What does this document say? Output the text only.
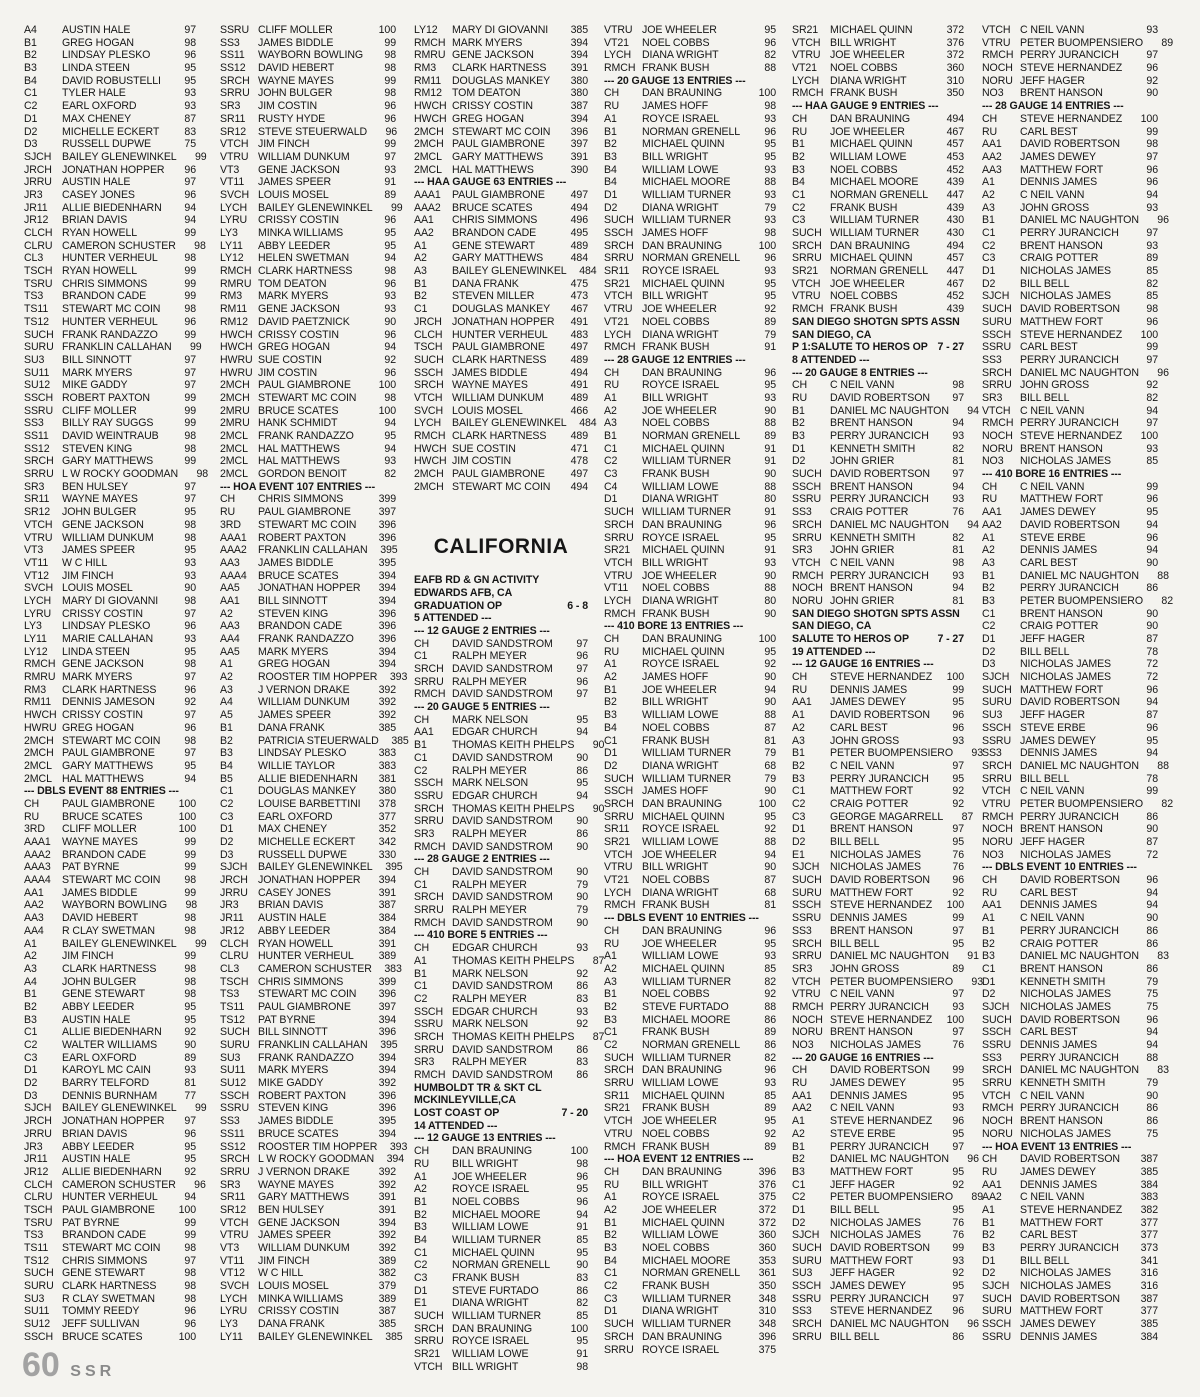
A4	AUSTIN HALE	97
B1	GREG HOGAN	98
B2	LINDSAY PLESKO	96
B3	LINDA STEEN	95
B4	DAVID ROBUSTELLI	95
C1	TYLER HALE	93
C2	EARL OXFORD	93
D1	MAX CHENEY	87
D2	MICHELLE ECKERT	83
D3	RUSSELL DUPWE	75
SJCH	BAILEY GLENEWINKEL	99
JRCH JONATHAN HOPPER	96
JRRU AUSTIN HALE	97
JR3	CASEY JONES	96
JR11	ALLIE BIEDENHARN	94
JR12	BRIAN DAVIS	94
CLCH RYAN HOWELL	99
CLRU CAMERON SCHUSTER	98
CL3	HUNTER VERHEUL	98
TSCH RYAN HOWELL	99
TSRU CHRIS SIMMONS	99
TS3	BRANDON CADE	99
TS11	STEWART MC COIN	98
TS12	HUNTER VERHEUL	96
SUCH FRANK RANDAZZO	99
SURU FRANKLIN CALLAHAN	99
SU3	BILL SINNOTT	97
SU11	MARK MYERS	97
SU12	MIKE GADDY	97
SSCH ROBERT PAXTON	99
SSRU CLIFF MOLLER	99
SS3	BILLY RAY SUGGS	99
SS11	DAVID WEINTRAUB	98
SS12	STEVEN KING	98
SRCH GARY MATTHEWS	99
SRRU L W ROCKY GOODMAN	98
SR3	BEN HULSEY	97
SR11	WAYNE MAYES	97
SR12	JOHN BULGER	95
VTCH GENE JACKSON	98
VTRU WILLIAM DUNKUM	98
VT3	JAMES SPEER	95
VT11	W C HILL	93
VT12	JIM FINCH	93
SVCH LOUIS MOSEL	90
LYCH	MARY DI GIOVANNI	98
LYRU	CRISSY COSTIN	97
LY3	LINDSAY PLESKO	96
LY11	MARIE CALLAHAN	93
LY12	LINDA STEEN	95
RMCH GENE JACKSON	98
RMRU MARK MYERS	97
RM3	CLARK HARTNESS	96
RM11	DENNIS JAMESON	92
HWCH CRISSY COSTIN	97
HWRU GREG HOGAN	96
2MCH STEWART MC COIN	98
2MCH PAUL GIAMBRONE	97
2MCL GARY MATTHEWS	95
2MCL HAL MATTHEWS	94
--- DBLS EVENT 88 ENTRIES ---
CH	PAUL GIAMBRONE	100
RU	BRUCE SCATES	100
3RD	CLIFF MOLLER	100
AAA1	WAYNE MAYES	99
AAA2	BRANDON CADE	99
AAA3	PAT BYRNE	99
AAA4	STEWART MC COIN	98
AA1	JAMES BIDDLE	99
AA2	WAYBORN BOWLING	98
AA3	DAVID HEBERT	98
AA4	R CLAY SWETMAN	98
A1	BAILEY GLENEWINKEL	99
A2	JIM FINCH	99
A3	CLARK HARTNESS	98
A4	JOHN BULGER	98
B1	GENE STEWART	98
B2	ABBY LEEDER	95
B3	AUSTIN HALE	95
C1	ALLIE BIEDENHARN	92
C2	WALTER WILLIAMS	90
C3	EARL OXFORD	89
D1	KAROYL MC CAIN	93
D2	BARRY TELFORD	81
D3	DENNIS BURNHAM	77
SJCH	BAILEY GLENEWINKEL	99
JRCH JONATHAN HOPPER	97
JRRU BRIAN DAVIS	96
JR3	ABBY LEEDER	95
JR11	AUSTIN HALE	95
JR12	ALLIE BIEDENHARN	92
CLCH CAMERON SCHUSTER	96
CLRU HUNTER VERHEUL	94
TSCH PAUL GIAMBRONE	100
TSRU PAT BYRNE	99
TS3	BRANDON CADE	99
TS11	STEWART MC COIN	98
TS12	CHRIS SIMMONS	97
SUCH GENE STEWART	98
SURU CLARK HARTNESS	98
SU3	R CLAY SWETMAN	98
SU11	TOMMY REEDY	96
SU12	JEFF SULLIVAN	96
SSCH BRUCE SCATES	100
SSRU CLIFF MOLLER	100
SS3	JAMES BIDDLE	99
SS11	WAYBORN BOWLING	98
SS12	DAVID HEBERT	98
SRCH WAYNE MAYES	99
SRRU JOHN BULGER	98
SR3	JIM COSTIN	96
SR11	RUSTY HYDE	96
SR12	STEVE STEUERWALD	96
VTCH JIM FINCH	99
VTRU WILLIAM DUNKUM	97
VT3	GENE JACKSON	93
VT11	JAMES SPEER	91
SVCH LOUIS MOSEL	89
LYCH	BAILEY GLENEWINKEL	99
LYRU	CRISSY COSTIN	96
LY3	MINKA WILLIAMS	95
LY11	ABBY LEEDER	95
LY12	HELEN SWETMAN	94
RMCH CLARK HARTNESS	98
RMRU TOM DEATON	96
RM3	MARK MYERS	93
RM11	GENE JACKSON	93
RM12 DAVID PAETZNICK	90
HWCH CRISSY COSTIN	96
HWCH GREG HOGAN	94
HWRU SUE COSTIN	92
HWRU JIM COSTIN	96
2MCH PAUL GIAMBRONE	100
2MCH STEWART MC COIN	98
2MRU BRUCE SCATES	100
2MRU HANK SCHMIDT	94
2MCL FRANK RANDAZZO	95
2MCL HAL MATTHEWS	94
2MCL HAL MATTHEWS	93
2MCL GORDON BENOIT	82
--- HOA EVENT 107 ENTRIES ---
CH	CHRIS SIMMONS	399
RU	PAUL GIAMBRONE	397
3RD	STEWART MC COIN	396
AAA1	ROBERT PAXTON	396
AAA2	FRANKLIN CALLAHAN	395
AA3	JAMES BIDDLE	395
AAA4	BRUCE SCATES	394
AA5	JONATHAN HOPPER	394
AA1	BILL SINNOTT	394
A2	STEVEN KING	396
AA3	BRANDON CADE	396
AA4	FRANK RANDAZZO	396
AA5	MARK MYERS	394
A1	GREG HOGAN	394
A2	ROOSTER TIM HOPPER	393
A3	J VERNON DRAKE	392
A4	WILLIAM DUNKUM	392
A5	JAMES SPEER	392
B1	DANA FRANK	385
B2	PATRICIA STEUERWALD	385
B3	LINDSAY PLESKO	383
B4	WILLIE TAYLOR	383
B5	ALLIE BIEDENHARN	381
C1	DOUGLAS MANKEY	380
C2	LOUISE BARBETTINI	378
C3	EARL OXFORD	377
D1	MAX CHENEY	352
D2	MICHELLE ECKERT	342
D3	RUSSELL DUPWE	330
SJCH	BAILEY GLENEWINKEL	395
JRCH JONATHAN HOPPER	394
JRRU CASEY JONES	391
JR3	BRIAN DAVIS	387
JR11	AUSTIN HALE	384
JR12	ABBY LEEDER	384
CLCH RYAN HOWELL	391
CLRU HUNTER VERHEUL	389
CL3	CAMERON SCHUSTER	383
TSCH CHRIS SIMMONS	399
TS3	STEWART MC COIN	396
TS11	PAUL GIAMBRONE	397
TS12	PAT BYRNE	394
SUCH BILL SINNOTT	396
SURU FRANKLIN CALLAHAN	395
SU3	FRANK RANDAZZO	394
SU11	MARK MYERS	394
SU12	MIKE GADDY	392
SSCH ROBERT PAXTON	396
SSRU STEVEN KING	396
SS3	JAMES BIDDLE	395
SS11	BRUCE SCATES	394
SS12	ROOSTER TIM HOPPER	393
SRCH L W ROCKY GOODMAN	394
SRRU J VERNON DRAKE	392
SR3	WAYNE MAYES	392
SR11	GARY MATTHEWS	391
SR12	BEN HULSEY	391
VTCH GENE JACKSON	394
VTRU JAMES SPEER	392
VT3	WILLIAM DUNKUM	392
VT11	JIM FINCH	389
VT12	W C HILL	382
SVCH LOUIS MOSEL	379
LYCH	MINKA WILLIAMS	389
LYRU	CRISSY COSTIN	387
LY3	DANA FRANK	385
LY11	BAILEY GLENEWINKEL	385
LY12	MARY DI GIOVANNI	385
RMCH MARK MYERS	394
RMRU GENE JACKSON	394
RM3	CLARK HARTNESS	391
RM11	DOUGLAS MANKEY	380
RM12 TOM DEATON	380
HWCH CRISSY COSTIN	387
HWCH GREG HOGAN	394
2MCH STEWART MC COIN	396
2MCH PAUL GIAMBRONE	397
2MCL GARY MATTHEWS	391
2MCL HAL MATTHEWS	390
--- HAA GAUGE 63 ENTRIES ---
AAA1	PAUL GIAMBRONE	497
AAA2	BRUCE SCATES	494
AA1	CHRIS SIMMONS	496
AA2	BRANDON CADE	495
A1	GENE STEWART	489
A2	GARY MATTHEWS	484
A3	BAILEY GLENEWINKEL	484
B1	DANA FRANK	475
B2	STEVEN MILLER	473
C1	DOUGLAS MANKEY	467
JRCH JONATHAN HOPPER	491
CLCH HUNTER VERHEUL	483
TSCH PAUL GIAMBRONE	497
SUCH CLARK HARTNESS	489
SSCH JAMES BIDDLE	494
SRCH WAYNE MAYES	491
VTCH WILLIAM DUNKUM	489
SVCH LOUIS MOSEL	466
LYCH	BAILEY GLENEWINKEL	484
RMCH CLARK HARTNESS	489
HWCH SUE COSTIN	471
HWCH JIM COSTIN	478
2MCH PAUL GIAMBRONE	497
2MCH STEWART MC COIN	494
CALIFORNIA
EAFB RD & GN ACTIVITY
EDWARDS AFB, CA
GRADUATION OP	6 - 8
5 ATTENDED ---
--- 12 GAUGE 2 ENTRIES ---
CH	DAVID SANDSTROM	97
C1	RALPH MEYER	96
SRCH DAVID SANDSTROM	97
SRRU RALPH MEYER	96
RMCH DAVID SANDSTROM	97
--- 20 GAUGE 5 ENTRIES ---
CH	MARK NELSON	95
AA1	EDGAR CHURCH	94
B1	THOMAS KEITH PHELPS	90
C1	DAVID SANDSTROM	90
C2	RALPH MEYER	86
SSCH MARK NELSON	95
SSRU EDGAR CHURCH	94
SRCH THOMAS KEITH PHELPS	90
SRRU DAVID SANDSTROM	90
SR3	RALPH MEYER	86
RMCH DAVID SANDSTROM	90
--- 28 GAUGE 2 ENTRIES ---
CH	DAVID SANDSTROM	90
C1	RALPH MEYER	79
SRCH DAVID SANDSTROM	90
SRRU RALPH MEYER	79
RMCH DAVID SANDSTROM	90
--- 410 BORE 5 ENTRIES ---
CH	EDGAR CHURCH	93
A1	THOMAS KEITH PHELPS	87
B1	MARK NELSON	92
C1	DAVID SANDSTROM	86
C2	RALPH MEYER	83
SSCH EDGAR CHURCH	93
SSRU MARK NELSON	92
SRCH THOMAS KEITH PHELPS	87
SRRU DAVID SANDSTROM	86
SR3	RALPH MEYER	83
RMCH DAVID SANDSTROM	86
HUMBOLDT TR & SKT CL
MCKINLEYVILLE,CA
LOST COAST OP	7 - 20
14 ATTENDED ---
--- 12 GAUGE 13 ENTRIES ---
CH	DAN BRAUNING	100
RU	BILL WRIGHT	98
A1	JOE WHEELER	96
A2	ROYCE ISRAEL	95
B1	NOEL COBBS	96
B2	MICHAEL MOORE	94
B3	WILLIAM LOWE	91
B4	WILLIAM TURNER	85
C1	MICHAEL QUINN	95
C2	NORMAN GRENELL	90
C3	FRANK BUSH	83
D1	STEVE FURTADO	86
E1	DIANA WRIGHT	82
SUCH WILLIAM TURNER	85
SRCH DAN BRAUNING	100
SRRU ROYCE ISRAEL	95
SR21	WILLIAM LOWE	91
VTCH BILL WRIGHT	98
VTRU JOE WHEELER	95
VT21	NOEL COBBS	96
LYCH	DIANA WRIGHT	82
RMCH FRANK BUSH	88
--- 20 GAUGE 13 ENTRIES ---
CH	DAN BRAUNING	100
RU	JAMES HOFF	98
A1	ROYCE ISRAEL	93
B1	NORMAN GRENELL	96
B2	MICHAEL QUINN	95
B3	BILL WRIGHT	95
B4	WILLIAM LOWE	93
B4	MICHAEL MOORE	88
D1	WILLIAM TURNER	93
D2	DIANA WRIGHT	79
SUCH WILLIAM TURNER	93
SSCH JAMES HOFF	98
SRCH DAN BRAUNING	100
SRRU NORMAN GRENELL	96
SR11	ROYCE ISRAEL	93
SR21	MICHAEL QUINN	95
VTCH BILL WRIGHT	95
VTRU JOE WHEELER	92
VT21	NOEL COBBS	89
LYCH	DIANA WRIGHT	79
RMCH FRANK BUSH	91
--- 28 GAUGE 12 ENTRIES ---
CH	DAN BRAUNING	96
RU	ROYCE ISRAEL	95
A1	BILL WRIGHT	93
A2	JOE WHEELER	90
A3	NOEL COBBS	88
B1	NORMAN GRENELL	89
C1	MICHAEL QUINN	91
C2	WILLIAM TURNER	91
C3	FRANK BUSH	90
C4	WILLIAM LOWE	88
D1	DIANA WRIGHT	80
SUCH WILLIAM TURNER	91
SRCH DAN BRAUNING	96
SRRU ROYCE ISRAEL	95
SR21	MICHAEL QUINN	91
VTCH BILL WRIGHT	93
VTRU JOE WHEELER	90
VT11	NOEL COBBS	88
LYCH	DIANA WRIGHT	80
RMCH FRANK BUSH	90
--- 410 BORE 13 ENTRIES ---
CH	DAN BRAUNING	100
RU	MICHAEL QUINN	95
A1	ROYCE ISRAEL	92
A2	JAMES HOFF	90
B1	JOE WHEELER	94
B2	BILL WRIGHT	90
B3	WILLIAM LOWE	88
B4	NOEL COBBS	87
C1	FRANK BUSH	81
D1	WILLIAM TURNER	79
D2	DIANA WRIGHT	68
SUCH WILLIAM TURNER	79
SSCH JAMES HOFF	90
SRCH DAN BRAUNING	100
SRRU MICHAEL QUINN	95
SR11	ROYCE ISRAEL	92
SR21	WILLIAM LOWE	88
VTCH JOE WHEELER	94
VTRU BILL WRIGHT	90
VT21	NOEL COBBS	87
LYCH	DIANA WRIGHT	68
RMCH FRANK BUSH	81
--- DBLS EVENT 10 ENTRIES ---
CH	DAN BRAUNING	96
RU	JOE WHEELER	95
A1	WILLIAM LOWE	93
A2	MICHAEL QUINN	85
A3	WILLIAM TURNER	82
B1	NOEL COBBS	92
B2	STEVE FURTADO	88
B3	MICHAEL MOORE	86
C1	FRANK BUSH	89
C2	NORMAN GRENELL	86
SUCH WILLIAM TURNER	82
SRCH DAN BRAUNING	96
SRRU WILLIAM LOWE	93
SR11	MICHAEL QUINN	85
SR21	FRANK BUSH	89
VTCH JOE WHEELER	95
VTRU NOEL COBBS	92
RMCH FRANK BUSH	89
--- HOA EVENT 12 ENTRIES ---
CH	DAN BRAUNING	396
RU	BILL WRIGHT	376
A1	ROYCE ISRAEL	375
A2	JOE WHEELER	372
B1	MICHAEL QUINN	372
B2	WILLIAM LOWE	360
B3	NOEL COBBS	360
B4	MICHAEL MOORE	353
C1	NORMAN GRENELL	361
C2	FRANK BUSH	350
C3	WILLIAM TURNER	348
D1	DIANA WRIGHT	310
SUCH WILLIAM TURNER	348
SRCH DAN BRAUNING	396
SRRU ROYCE ISRAEL	375
SR21	MICHAEL QUINN	372
VTCH BILL WRIGHT	376
VTRU JOE WHEELER	372
VT21	NOEL COBBS	360
LYCH	DIANA WRIGHT	310
RMCH FRANK BUSH	350
--- HAA GAUGE 9 ENTRIES ---
CH	DAN BRAUNING	494
RU	JOE WHEELER	467
B1	MICHAEL QUINN	457
B2	WILLIAM LOWE	453
B3	NOEL COBBS	452
B4	MICHAEL MOORE	439
C1	NORMAN GRENELL	447
C2	FRANK BUSH	439
C3	WILLIAM TURNER	430
SUCH WILLIAM TURNER	430
SRCH DAN BRAUNING	494
SRRU MICHAEL QUINN	457
SR21	NORMAN GRENELL	447
VTCH JOE WHEELER	467
VTRU NOEL COBBS	452
RMCH FRANK BUSH	439
SAN DIEGO SHOTGN SPTS ASSN
SAN DIEGO, CA
P 1:SALUTE TO HEROS OP 7 - 27
8 ATTENDED ---
--- 20 GAUGE 8 ENTRIES ---
CH	C NEIL VANN	98
RU	DAVID ROBERTSON	97
B1	DANIEL MC NAUGHTON	94
B2	BRENT HANSON	94
B3	PERRY JURANCICH	93
D1	KENNETH SMITH	82
D2	JOHN GRIER	81
SUCH DAVID ROBERTSON	97
SSCH BRENT HANSON	94
SSRU PERRY JURANCICH	93
SS3	CRAIG POTTER	76
SRCH DANIEL MC NAUGHTON	94
SRRU KENNETH SMITH	82
SR3	JOHN GRIER	81
VTCH C NEIL VANN	98
RMCH PERRY JURANCICH	93
NOCH BRENT HANSON	94
NORU JOHN GRIER	81
SAN DIEGO SHOTGN SPTS ASSN
SAN DIEGO, CA
SALUTE TO HEROS OP	7 - 27
19 ATTENDED ---
--- 12 GAUGE 16 ENTRIES ---
CH	STEVE HERNANDEZ	100
RU	DENNIS JAMES	99
AA1	JAMES DEWEY	95
A1	DAVID ROBERTSON	96
A2	CARL BEST	96
A3	JOHN GROSS	93
B1	PETER BUOMPENSIERO	93
B2	C NEIL VANN	97
B3	PERRY JURANCICH	95
C1	MATTHEW FORT	92
C2	CRAIG POTTER	92
C3	GEORGE MAGARRELL	87
D1	BRENT HANSON	97
D2	BILL BELL	95
E1	NICHOLAS JAMES	76
SJCH	NICHOLAS JAMES	76
SUCH DAVID ROBERTSON	96
SURU MATTHEW FORT	92
SSCH STEVE HERNANDEZ	100
SSRU DENNIS JAMES	99
SS3	BRENT HANSON	97
SRCH BILL BELL	95
SRRU DANIEL MC NAUGHTON	91
SR3	JOHN GROSS	89
VTCH PETER BUOMPENSIERO	93
VTRU C NEIL VANN	97
RMCH PERRY JURANCICH	93
NOCH STEVE HERNANDEZ	100
NORU BRENT HANSON	97
NO3	NICHOLAS JAMES	76
--- 20 GAUGE 16 ENTRIES ---
CH	DAVID ROBERTSON	99
RU	JAMES DEWEY	95
AA1	DENNIS JAMES	95
AA2	C NEIL VANN	93
A1	STEVE HERNANDEZ	96
A2	STEVE ERBE	95
B1	PERRY JURANCICH	97
B2	DANIEL MC NAUGHTON	96
B3	MATTHEW FORT	95
C1	JEFF HAGER	92
C2	PETER BUOMPENSIERO	89
D1	BILL BELL	95
D2	NICHOLAS JAMES	76
SJCH	NICHOLAS JAMES	76
SUCH DAVID ROBERTSON	99
SURU MATTHEW FORT	93
SU3	JEFF HAGER	92
SSCH JAMES DEWEY	95
SSRU PERRY JURANCICH	97
SS3	STEVE HERNANDEZ	96
SRCH DANIEL MC NAUGHTON	96
SRRU BILL BELL	86
VTCH C NEIL VANN	93
VTRU PETER BUOMPENSIERO	89
RMCH PERRY JURANCICH	97
NOCH STEVE HERNANDEZ	96
NORU JEFF HAGER	92
NO3	BRENT HANSON	90
--- 28 GAUGE 14 ENTRIES ---
CH	STEVE HERNANDEZ	100
RU	CARL BEST	99
AA1	DAVID ROBERTSON	98
AA2	JAMES DEWEY	97
AA3	MATTHEW FORT	96
A1	DENNIS JAMES	96
A2	C NEIL VANN	94
A3	JOHN GROSS	93
B1	DANIEL MC NAUGHTON	96
C1	PERRY JURANCICH	97
C2	BRENT HANSON	93
C3	CRAIG POTTER	89
D1	NICHOLAS JAMES	85
D2	BILL BELL	82
SJCH	NICHOLAS JAMES	85
SUCH DAVID ROBERTSON	98
SURU MATTHEW FORT	96
SSCH STEVE HERNANDEZ	100
SSRU CARL BEST	99
SS3	PERRY JURANCICH	97
SRCH DANIEL MC NAUGHTON	96
SRRU JOHN GROSS	92
SR3	BILL BELL	82
VTCH C NEIL VANN	94
RMCH PERRY JURANCICH	97
NOCH STEVE HERNANDEZ	100
NORU BRENT HANSON	93
NO3	NICHOLAS JAMES	85
--- 410 BORE 16 ENTRIES ---
CH	C NEIL VANN	99
RU	MATTHEW FORT	96
AA1	JAMES DEWEY	95
AA2	DAVID ROBERTSON	94
A1	STEVE ERBE	96
A2	DENNIS JAMES	94
A3	CARL BEST	90
B1	DANIEL MC NAUGHTON	88
B2	PERRY JURANCICH	86
B3	PETER BUOMPENSIERO	82
C1	BRENT HANSON	90
C2	CRAIG POTTER	90
D1	JEFF HAGER	87
D2	BILL BELL	78
D3	NICHOLAS JAMES	72
SJCH	NICHOLAS JAMES	72
SUCH MATTHEW FORT	96
SURU DAVID ROBERTSON	94
SU3	JEFF HAGER	87
SSCH STEVE ERBE	96
SSRU JAMES DEWEY	95
SS3	DENNIS JAMES	94
SRCH DANIEL MC NAUGHTON	88
SRRU BILL BELL	78
VTCH C NEIL VANN	99
VTRU PETER BUOMPENSIERO	82
RMCH PERRY JURANCICH	86
NOCH BRENT HANSON	90
NORU JEFF HAGER	87
NO3	NICHOLAS JAMES	72
--- DBLS EVENT 10 ENTRIES ---
CH	DAVID ROBERTSON	96
RU	CARL BEST	94
AA1	DENNIS JAMES	94
A1	C NEIL VANN	90
B1	PERRY JURANCICH	86
B2	CRAIG POTTER	86
B3	DANIEL MC NAUGHTON	83
C1	BRENT HANSON	86
D1	KENNETH SMITH	79
D2	NICHOLAS JAMES	75
SJCH	NICHOLAS JAMES	75
SUCH DAVID ROBERTSON	96
SSCH CARL BEST	94
SSRU DENNIS JAMES	94
SS3	PERRY JURANCICH	88
SRCH DANIEL MC NAUGHTON	83
SRRU KENNETH SMITH	79
VTCH C NEIL VANN	90
RMCH PERRY JURANCICH	86
NOCH BRENT HANSON	86
NORU NICHOLAS JAMES	75
--- HOA EVENT 13 ENTRIES ---
CH	DAVID ROBERTSON	387
RU	JAMES DEWEY	385
AA1	DENNIS JAMES	384
AA2	C NEIL VANN	383
A1	STEVE HERNANDEZ	382
B1	MATTHEW FORT	377
B2	CARL BEST	377
B3	PERRY JURANCICH	373
D1	BILL BELL	341
D2	NICHOLAS JAMES	316
SJCH	NICHOLAS JAMES	316
SUCH DAVID ROBERTSON	387
SURU MATTHEW FORT	377
SSCH JAMES DEWEY	385
SSRU DENNIS JAMES	384
60 SSR
